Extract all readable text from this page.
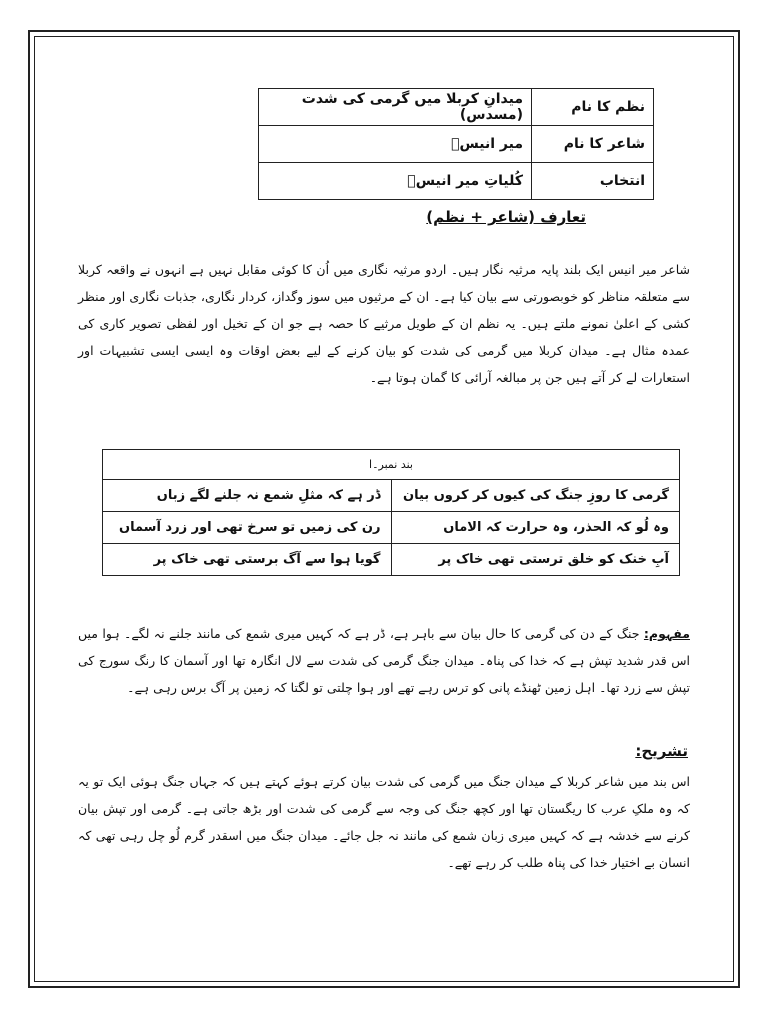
نظم کا نام	میدانِ کربلا میں گرمی کی شدت (مسدس)
شاعر کا نام	میر انیسؔ
انتخاب	کُلیاتِ میر انیسؔ
تعارف (شاعر + نظم)
شاعر میر انیس ایک بلند پایہ مرثیہ نگار ہیں۔ اردو مرثیہ نگاری میں اُن کا کوئی مقابل نہیں ہے انہوں نے واقعہ کربلا سے متعلقہ مناظر کو خوبصورتی سے بیان کیا ہے۔ ان کے مرثیوں میں سوز وگداز، کردار نگاری، جذبات نگاری اور منظر کشی کے اعلیٰ نمونے ملتے ہیں۔ یہ نظم ان کے طویل مرثیے کا حصہ ہے جو ان کے تخیل اور لفظی تصویر کاری کی عمدہ مثال ہے۔ میدان کربلا میں گرمی کی شدت کو بیان کرنے کے لیے بعض اوقات وہ ایسی ایسی تشبیہات اور استعارات لے کر آتے ہیں جن پر مبالغہ آرائی کا گمان ہوتا ہے۔
بند نمبر۔ا	
گرمی کا روزِ جنگ کی کیوں کر کروں بیان	ڈر ہے کہ مثلِ شمع نہ جلنے لگے زباں
وہ لُو کہ الحذر، وہ حرارت کہ الاماں	رن کی زمیں تو سرخ تھی اور زرد آسماں
آبِ خنک کو خلق ترستی تھی خاک پر	گویا ہوا سے آگ برستی تھی خاک پر
مفہوم: جنگ کے دن کی گرمی کا حال بیان سے باہر ہے، ڈر ہے کہ کہیں میری شمع کی مانند جلنے نہ لگے۔ ہوا میں اس قدر شدید تپش ہے کہ خدا کی پناہ۔ میدان جنگ گرمی کی شدت سے لال انگارہ تھا اور آسمان کا رنگ سورج کی تپش سے زرد تھا۔ اہل زمین ٹھنڈے پانی کو ترس رہے تھے اور ہوا چلتی تو لگتا کہ زمین پر آگ برس رہی ہے۔
تشریح:
اس بند میں شاعر کربلا کے میدان جنگ میں گرمی کی شدت بیان کرتے ہوئے کہتے ہیں کہ جہاں جنگ ہوئی ایک تو یہ کہ وہ ملکِ عرب کا ریگستان تھا اور کچھ جنگ کی وجہ سے گرمی کی شدت اور بڑھ جاتی ہے۔ گرمی اور تپش بیان کرنے سے خدشہ ہے کہ کہیں میری زبان شمع کی مانند نہ جل جائے۔ میدان جنگ میں اسقدر گرم لُو چل رہی تھی کہ انسان بے اختیار خدا کی پناہ طلب کر رہے تھے۔
